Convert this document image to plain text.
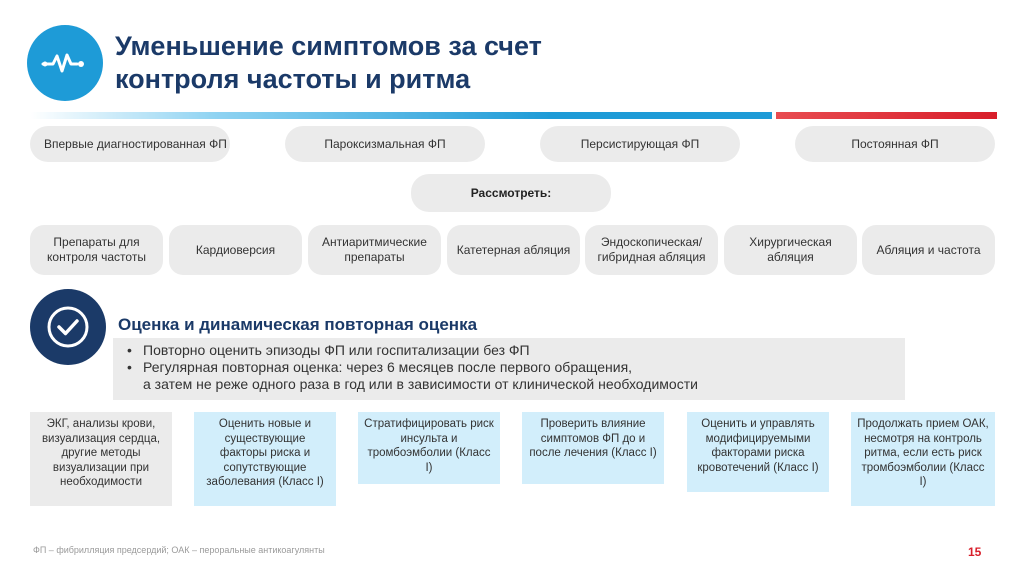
Уменьшение симптомов за счет
контроля частоты и ритма
Впервые диагностированная ФП	Пароксизмальная ФП	Персистирующая ФП	Постоянная ФП
Рассмотреть:
Препараты для контроля частоты
Кардиоверсия
Антиаритмические препараты
Катетерная абляция
Эндоскопическая/гибридная абляция
Хирургическая абляция
Абляция и частота
Оценка и динамическая повторная оценка
• Повторно оценить эпизоды ФП или госпитализации без ФП
• Регулярная повторная оценка: через 6 месяцев после первого обращения,
а затем не реже одного раза в год или в зависимости от клинической необходимости
ЭКГ, анализы крови, визуализация сердца, другие методы визуализации при необходимости
Оценить новые и существующие факторы риска и сопутствующие заболевания (Класс I)
Стратифицировать риск инсульта и тромбоэмболии (Класс I)
Проверить влияние симптомов ФП до и после лечения (Класс I)
Оценить и управлять модифицируемыми факторами риска кровотечений (Класс I)
Продолжать прием ОАК, несмотря на контроль ритма, если есть риск тромбоэмболии (Класс I)
ФП – фибрилляция предсердий; ОАК – пероральные антикоагулянты	15
